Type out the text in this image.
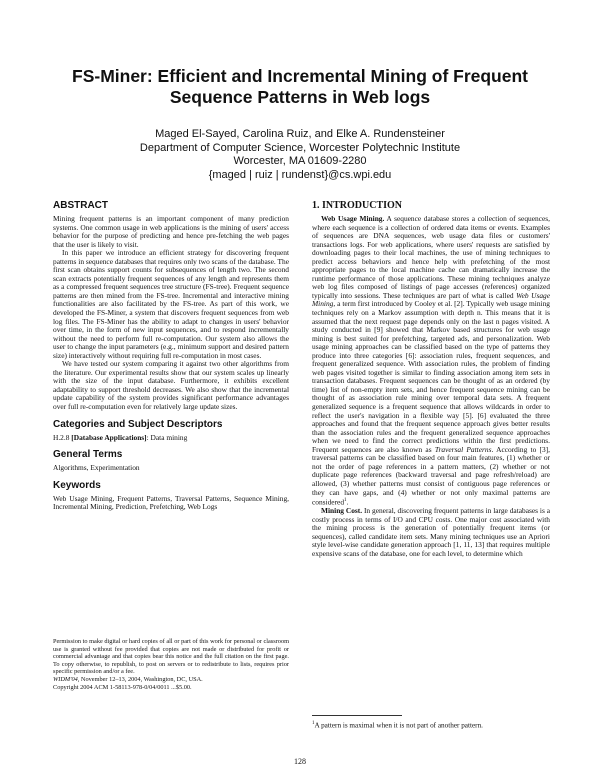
FS-Miner: Efficient and Incremental Mining of Frequent
Sequence Patterns in Web logs
Maged El-Sayed, Carolina Ruiz, and Elke A. Rundensteiner
Department of Computer Science, Worcester Polytechnic Institute
Worcester, MA 01609-2280
{maged | ruiz | rundenst}@cs.wpi.edu
ABSTRACT

Mining frequent patterns is an important component of many prediction systems. One common usage in web applications is the mining of users' access behavior for the purpose of predicting and hence pre-fetching the web pages that the user is likely to visit.

In this paper we introduce an efficient strategy for discovering frequent patterns in sequence databases that requires only two scans of the database. The first scan obtains support counts for subsequences of length two. The second scan extracts potentially frequent sequences of any length and represents them as a compressed frequent sequences tree structure (FS-tree). Frequent sequence patterns are then mined from the FS-tree. Incremental and interactive mining functionalities are also facilitated by the FS-tree. As part of this work, we developed the FS-Miner, a system that discovers frequent sequences from web log files. The FS-Miner has the ability to adapt to changes in users' behavior over time, in the form of new input sequences, and to respond incrementally without the need to perform full re-computation. Our system also allows the user to change the input parameters (e.g., minimum support and desired pattern size) interactively without requiring full re-computation in most cases.

We have tested our system comparing it against two other algorithms from the literature. Our experimental results show that our system scales up linearly with the size of the input database. Furthermore, it exhibits excellent adaptability to support threshold decreases. We also show that the incremental update capability of the system provides significant performance advantages over full re-computation even for relatively large update sizes.

Categories and Subject Descriptors

H.2.8 [Database Applications]: Data mining

General Terms

Algorithms, Experimentation

Keywords

Web Usage Mining, Frequent Patterns, Traversal Patterns, Sequence Mining, Incremental Mining, Prediction, Prefetching, Web Logs

Permission to make digital or hard copies of all or part of this work for personal or classroom use is granted without fee provided that copies are not made or distributed for profit or commercial advantage and that copies bear this notice and the full citation on the first page. To copy otherwise, to republish, to post on servers or to redistribute to lists, requires prior specific permission and/or a fee.
WIDM'04, November 12–13, 2004, Washington, DC, USA.
Copyright 2004 ACM 1-58113-978-0/04/0011 ...$5.00.
1. INTRODUCTION

Web Usage Mining. A sequence database stores a collection of sequences, where each sequence is a collection of ordered data items or events. Examples of sequences are DNA sequences, web usage data files or customers' transactions logs. For web applications, where users' requests are satisfied by downloading pages to their local machines, the use of mining techniques to predict access behaviors and hence help with prefetching of the most appropriate pages to the local machine cache can dramatically increase the runtime performance of those applications. These mining techniques analyze web log files composed of listings of page accesses (references) organized typically into sessions. These techniques are part of what is called Web Usage Mining, a term first introduced by Cooley et al. [2]. Typically web usage mining techniques rely on a Markov assumption with depth n. This means that it is assumed that the next request page depends only on the last n pages visited. A study conducted in [9] showed that Markov based structures for web usage mining is best suited for prefetching, targeted ads, and personalization. Web usage mining approaches can be classified based on the type of patterns they produce into three categories [6]: association rules, frequent sequences, and frequent generalized sequence. With association rules, the problem of finding web pages visited together is similar to finding association among item sets in transaction databases. Frequent sequences can be thought of as an ordered (by time) list of non-empty item sets, and hence frequent sequence mining can be thought of as association rule mining over temporal data sets. A frequent generalized sequence is a frequent sequence that allows wildcards in order to reflect the user's navigation in a flexible way [5]. [6] evaluated the three approaches and found that the frequent sequence approach gives better results than the association rules and the frequent generalized sequence approaches when we need to find the correct predictions within the first predictions. Frequent sequences are also known as Traversal Patterns. According to [3], traversal patterns can be classified based on four main features, (1) whether or not the order of page references in a pattern matters, (2) whether or not duplicate page references (backward traversal and page refresh/reload) are allowed, (3) whether patterns must consist of contiguous page references or they can have gaps, and (4) whether or not only maximal patterns are considered$^1$.

Mining Cost. In general, discovering frequent patterns in large databases is a costly process in terms of I/O and CPU costs. One major cost associated with the mining process is the generation of potentially frequent items (or sequences), called candidate item sets. Many mining techniques use an Apriori style level-wise candidate generation approach [1, 11, 13] that requires multiple expensive scans of the database, one for each level, to determine which

$^1$A pattern is maximal when it is not part of another pattern.
128
